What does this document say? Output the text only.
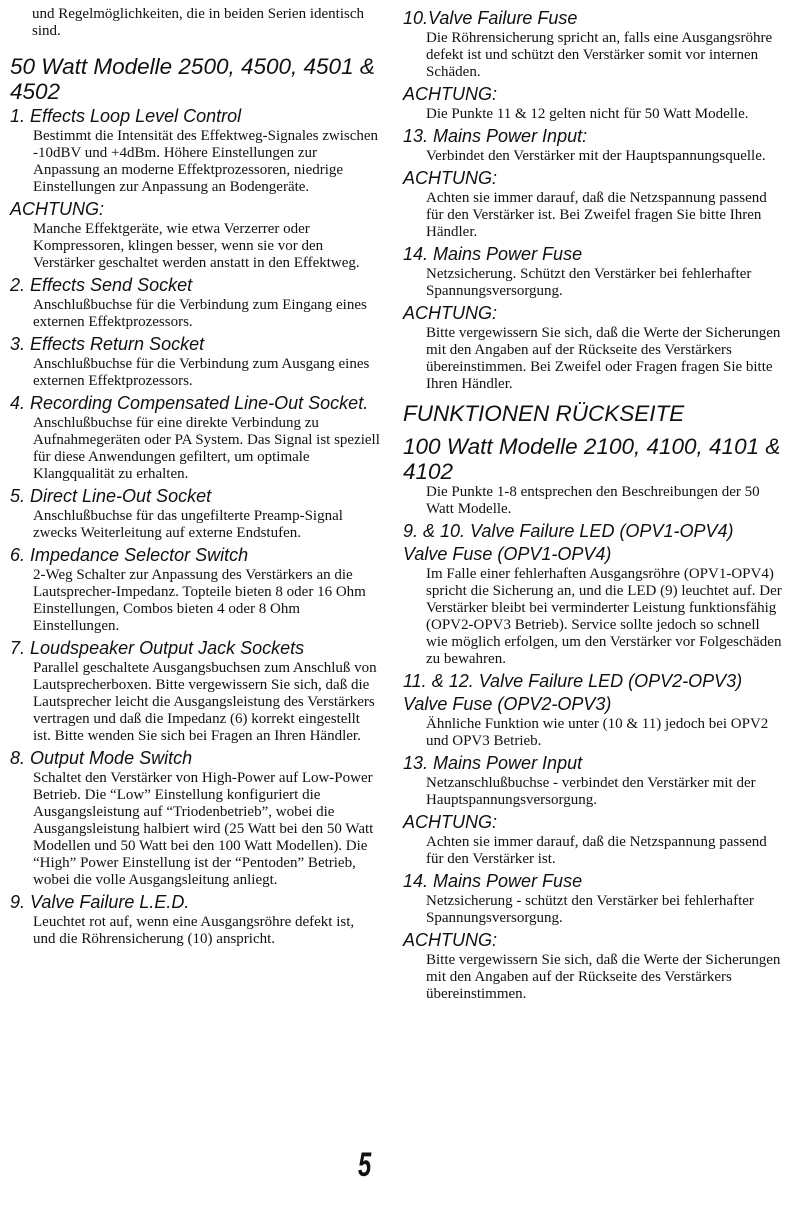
und Regelmöglichkeiten, die in beiden Serien identisch sind.

50 Watt Modelle 2500, 4500, 4501 & 4502
1. Effects Loop Level Control

Bestimmt die Intensität des Effektweg-Signales zwischen -10dBV und +4dBm. Höhere Einstellungen zur Anpassung an moderne Effektprozessoren, niedrige Einstellungen zur Anpassung an Bodengeräte.

ACHTUNG:

Manche Effektgeräte, wie etwa Verzerrer oder Kompressoren, klingen besser, wenn sie vor den Verstärker geschaltet werden anstatt in den Effektweg.

2. Effects Send Socket

Anschlußbuchse für die Verbindung zum Eingang eines externen Effektprozessors.

3. Effects Return Socket

Anschlußbuchse für die Verbindung zum Ausgang eines externen Effektprozessors.

4. Recording Compensated Line-Out Socket.

Anschlußbuchse für eine direkte Verbindung zu Aufnahmegeräten oder PA System. Das Signal ist speziell für diese Anwendungen gefiltert, um optimale Klangqualität zu erhalten.

5. Direct Line-Out Socket

Anschlußbuchse für das ungefilterte Preamp-Signal zwecks Weiterleitung auf externe Endstufen.

6. Impedance Selector Switch

2-Weg Schalter zur Anpassung des Verstärkers an die Lautsprecher-Impedanz. Topteile bieten 8 oder 16 Ohm Einstellungen, Combos bieten 4 oder 8 Ohm Einstellungen.

7. Loudspeaker Output Jack Sockets

Parallel geschaltete Ausgangsbuchsen zum Anschluß von Lautsprecherboxen. Bitte vergewissern Sie sich, daß die Lautsprecher leicht die Ausgangsleistung des Verstärkers vertragen und daß die Impedanz (6) korrekt eingestellt ist. Bitte wenden Sie sich bei Fragen an Ihren Händler.

8. Output Mode Switch

Schaltet den Verstärker von High-Power auf Low-Power Betrieb. Die “Low” Einstellung konfiguriert die Ausgangsleistung auf “Triodenbetrieb”, wobei die Ausgangsleistung halbiert wird (25 Watt bei den 50 Watt Modellen und 50 Watt bei den 100 Watt Modellen). Die “High” Power Einstellung ist der “Pentoden” Betrieb, wobei die volle Ausgangsleitung anliegt.

9. Valve Failure L.E.D.

Leuchtet rot auf, wenn eine Ausgangsröhre defekt ist, und die Röhrensicherung (10) anspricht.

10.Valve Failure Fuse

Die Röhrensicherung spricht an, falls eine Ausgangsröhre defekt ist und schützt den Verstärker somit vor internen Schäden.

ACHTUNG:

Die Punkte 11 & 12 gelten nicht für 50 Watt Modelle.

13. Mains Power Input:

Verbindet den Verstärker mit der Hauptspannungsquelle.

ACHTUNG:

Achten sie immer darauf, daß die Netzspannung passend für den Verstärker ist. Bei Zweifel fragen Sie bitte Ihren Händler.

14. Mains Power Fuse

Netzsicherung. Schützt den Verstärker bei fehlerhafter Spannungsversorgung.

ACHTUNG:

Bitte vergewissern Sie sich, daß die Werte der Sicherungen mit den Angaben auf der Rückseite des Verstärkers übereinstimmen. Bei Zweifel oder Fragen fragen Sie bitte Ihren Händler.

FUNKTIONEN RÜCKSEITE
100 Watt Modelle 2100, 4100, 4101 & 4102

Die Punkte 1-8 entsprechen den Beschreibungen der 50 Watt Modelle.

9. & 10. Valve Failure LED (OPV1-OPV4)
Valve Fuse (OPV1-OPV4)

Im Falle einer fehlerhaften Ausgangsröhre (OPV1-OPV4) spricht die Sicherung an, und die LED (9) leuchtet auf. Der Verstärker bleibt bei verminderter Leistung funktionsfähig (OPV2-OPV3 Betrieb). Service sollte jedoch so schnell wie möglich erfolgen, um den Verstärker vor Folgeschäden zu bewahren.

11. & 12. Valve Failure LED (OPV2-OPV3)
Valve Fuse (OPV2-OPV3)

Ähnliche Funktion wie unter (10 & 11) jedoch bei OPV2 und OPV3 Betrieb.

13. Mains Power Input

Netzanschlußbuchse - verbindet den Verstärker mit der Hauptspannungsversorgung.

ACHTUNG:

Achten sie immer darauf, daß die Netzspannung passend für den Verstärker ist.

14. Mains Power Fuse

Netzsicherung - schützt den Verstärker bei fehlerhafter Spannungsversorgung.

ACHTUNG:

Bitte vergewissern Sie sich, daß die Werte der Sicherungen mit den Angaben auf der Rückseite des Verstärkers übereinstimmen.

5
